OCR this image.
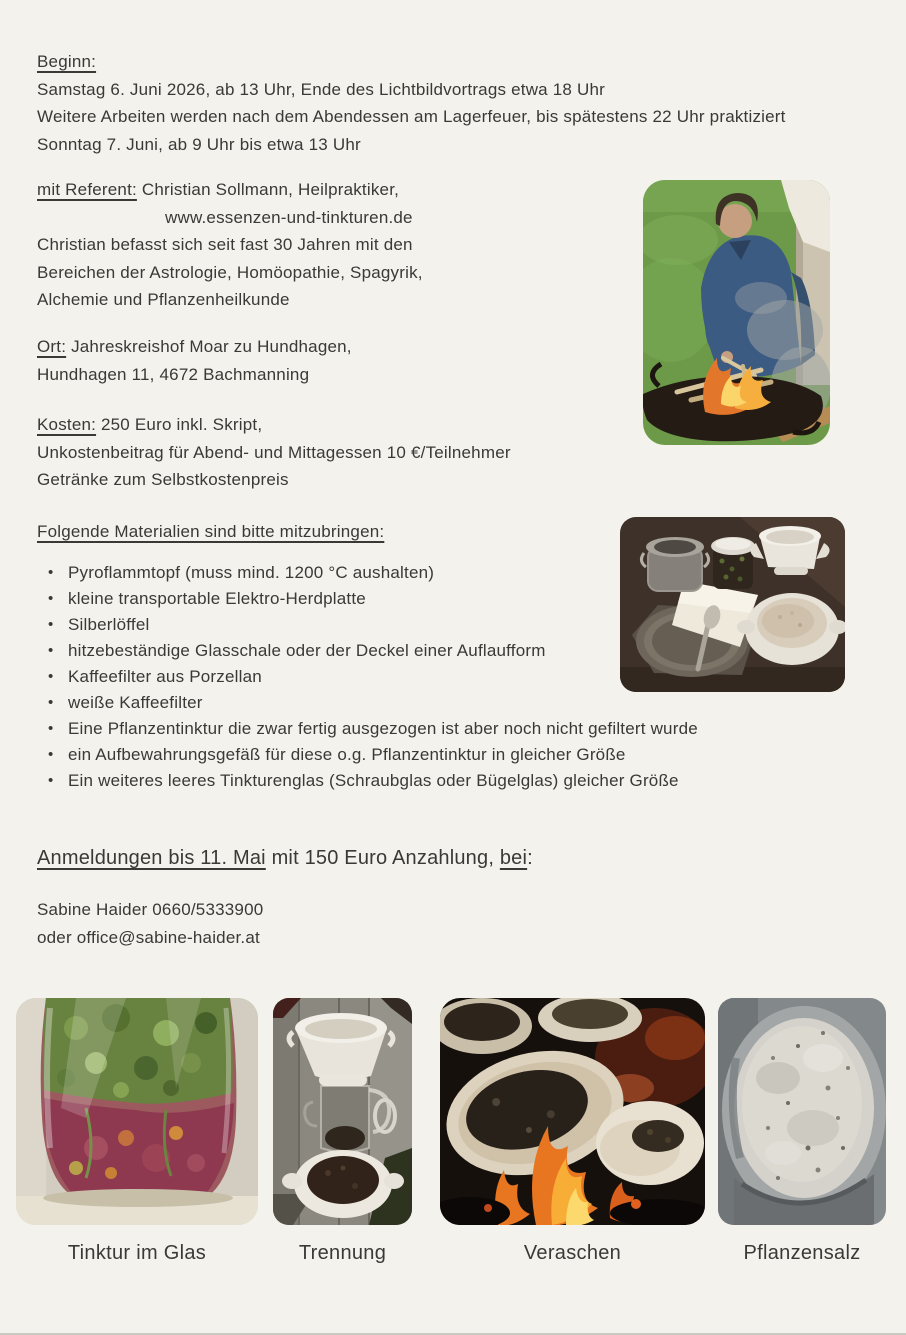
Beginn:
Samstag 6. Juni 2026, ab 13 Uhr, Ende des Lichtbildvortrags etwa 18 Uhr
Weitere Arbeiten werden nach dem Abendessen am Lagerfeuer, bis spätestens 22 Uhr praktiziert
Sonntag 7. Juni, ab 9 Uhr bis etwa 13 Uhr
mit Referent: Christian Sollmann, Heilpraktiker,
www.essenzen-und-tinkturen.de
Christian befasst sich seit fast 30 Jahren mit den
Bereichen der Astrologie, Homöopathie, Spagyrik,
Alchemie und Pflanzenheilkunde
Ort: Jahreskreishof Moar zu Hundhagen,
Hundhagen 11, 4672 Bachmanning
Kosten: 250 Euro inkl. Skript,
Unkostenbeitrag für Abend- und Mittagessen 10 €/Teilnehmer
Getränke zum Selbstkostenpreis
Folgende Materialien sind bitte mitzubringen:
• Pyroflammtopf (muss mind. 1200 °C aushalten)
• kleine transportable Elektro-Herdplatte
• Silberlöffel
• hitzebeständige Glasschale oder der Deckel einer Auflaufform
• Kaffeefilter aus Porzellan
• weiße Kaffeefilter
• Eine Pflanzentinktur die zwar fertig ausgezogen ist aber noch nicht gefiltert wurde
• ein Aufbewahrungsgefäß für diese o.g. Pflanzentinktur in gleicher Größe
• Ein weiteres leeres Tinkturenglas (Schraubglas oder Bügelglas) gleicher Größe
Anmeldungen bis 11. Mai mit 150 Euro Anzahlung, bei:
Sabine Haider 0660/5333900
oder office@sabine-haider.at
Tinktur im Glas	Trennung	Veraschen	Pflanzensalz
